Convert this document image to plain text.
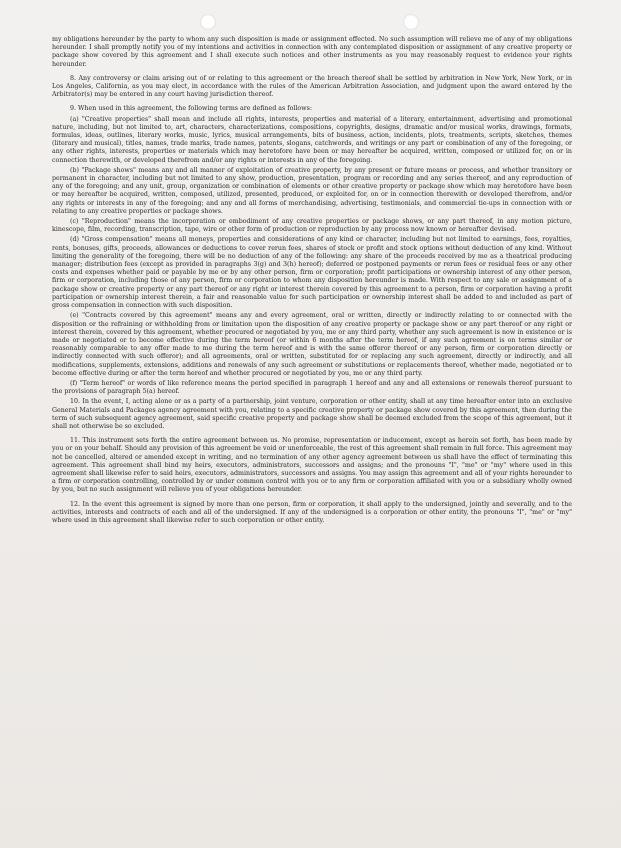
my obligations hereunder by the party to whom any such disposition is made or assignment effected. No such assumption will relieve me of any of my obligations hereunder. I shall promptly notify you of my intentions and activities in connection with any contemplated disposition or assignment of any creative property or package show covered by this agreement and I shall execute such notices and other instruments as you may reasonably request to evidence your rights hereunder.

8. Any controversy or claim arising out of or relating to this agreement or the breach thereof shall be settled by arbitration in New York, New York, or in Los Angeles, California, as you may elect, in accordance with the rules of the American Arbitration Association, and judgment upon the award entered by the Arbitrator(s) may be entered in any court having jurisdiction thereof.

9. When used in this agreement, the following terms are defined as follows:

(a) "Creative properties" shall mean and include all rights, interests, properties and material of a literary, entertainment, advertising and promotional nature, including, but not limited to, art, characters, characterizations, compositions, copyrights, designs, dramatic and/or musical works, drawings, formats, formulas, ideas, outlines, literary works, music, lyrics, musical arrangements, bits of business, action, incidents, plots, treatments, scripts, sketches, themes (literary and musical), titles, names, trade marks, trade names, patents, slogans, catchwords, and writings or any part or combination of any of the foregoing, or any other rights, interests, properties or materials which may heretofore have been or may hereafter be acquired, written, composed or utilized for, on or in connection therewith, or developed therefrom and/or any rights or interests in any of the foregoing.

(b) "Package shows" means any and all manner of exploitation of creative property, by any present or future means or process, and whether transitory or permanent in character, including but not limited to any show, production, presentation, program or recording and any series thereof, and any reproduction of any of the foregoing; and any unit, group, organization or combination of elements or other creative property or package show which may heretofore have been or may hereafter be acquired, written, composed, utilized, presented, produced, or exploited for, on or in connection therewith or developed therefrom, and/or any rights or interests in any of the foregoing; and any and all forms of merchandising, advertising, testimonials, and commercial tie-ups in connection with or relating to any creative properties or package shows.

(c) "Reproduction" means the incorporation or embodiment of any creative properties or package shows, or any part thereof, in any motion picture, kinescope, film, recording, transcription, tape, wire or other form of production or reproduction by any process now known or hereafter devised.

(d) "Gross compensation" means all moneys, properties and considerations of any kind or character, including but not limited to earnings, fees, royalties, rents, bonuses, gifts, proceeds, allowances or deductions to cover rerun fees, shares of stock or profit and stock options without deduction of any kind. Without limiting the generality of the foregoing, there will be no deduction of any of the following: any share of the proceeds received by me as a theatrical producing manager; distribution fees (except as provided in paragraphs 3(g) and 3(h) hereof); deferred or postponed payments or rerun fees or residual fees or any other costs and expenses whether paid or payable by me or by any other person, firm or corporation; profit participations or ownership interest of any other person, firm or corporation, including those of any person, firm or corporation to whom any disposition hereunder is made. With respect to any sale or assignment of a package show or creative property or any part thereof or any right or interest therein covered by this agreement to a person, firm or corporation having a profit participation or ownership interest therein, a fair and reasonable value for such participation or ownership interest shall be added to and included as part of gross compensation in connection with such disposition.

(e) "Contracts covered by this agreement" means any and every agreement, oral or written, directly or indirectly relating to or connected with the disposition or the refraining or withholding from or limitation upon the disposition of any creative property or package show or any part thereof or any right or interest therein, covered by this agreement, whether procured or negotiated by you, me or any third party, whether any such agreement is now in existence or is made or negotiated or to become effective during the term hereof (or within 6 months after the term hereof, if any such agreement is on terms similar or reasonably comparable to any offer made to me during the term hereof and is with the same offeror thereof or any person, firm or corporation directly or indirectly connected with such offeror); and all agreements, oral or written, substituted for or replacing any such agreement, directly or indirectly, and all modifications, supplements, extensions, additions and renewals of any such agreement or substitutions or replacements thereof, whether made, negotiated or to become effective during or after the term hereof and whether procured or negotiated by you, me or any third party.

(f) "Term hereof" or words of like reference means the period specified in paragraph 1 hereof and any and all extensions or renewals thereof pursuant to the provisions of paragraph 5(a) hereof.

10. In the event, I, acting alone or as a party of a partnership, joint venture, corporation or other entity, shall at any time hereafter enter into an exclusive General Materials and Packages agency agreement with you, relating to a specific creative property or package show covered by this agreement, then during the term of such subsequent agency agreement, said specific creative property and package show shall be deemed excluded from the scope of this agreement, but it shall not otherwise be so excluded.

11. This instrument sets forth the entire agreement between us. No promise, representation or inducement, except as herein set forth, has been made by you or on your behalf. Should any provision of this agreement be void or unenforceable, the rest of this agreement shall remain in full force. This agreement may not be cancelled, altered or amended except in writing, and no termination of any other agency agreement between us shall have the effect of terminating this agreement. This agreement shall bind my heirs, executors, administrators, successors and assigns; and the pronouns "I", "me" or "my" where used in this agreement shall likewise refer to said heirs, executors, administrators, successors and assigns. You may assign this agreement and all of your rights hereunder to a firm or corporation controlling, controlled by or under common control with you or to any firm or corporation affiliated with you or a subsidiary wholly owned by you, but no such assignment will relieve you of your obligations hereunder.

12. In the event this agreement is signed by more than one person, firm or corporation, it shall apply to the undersigned, jointly and severally, and to the activities, interests and contracts of each and all of the undersigned. If any of the undersigned is a corporation or other entity, the pronouns "I", "me" or "my" where used in this agreement shall likewise refer to such corporation or other entity.
